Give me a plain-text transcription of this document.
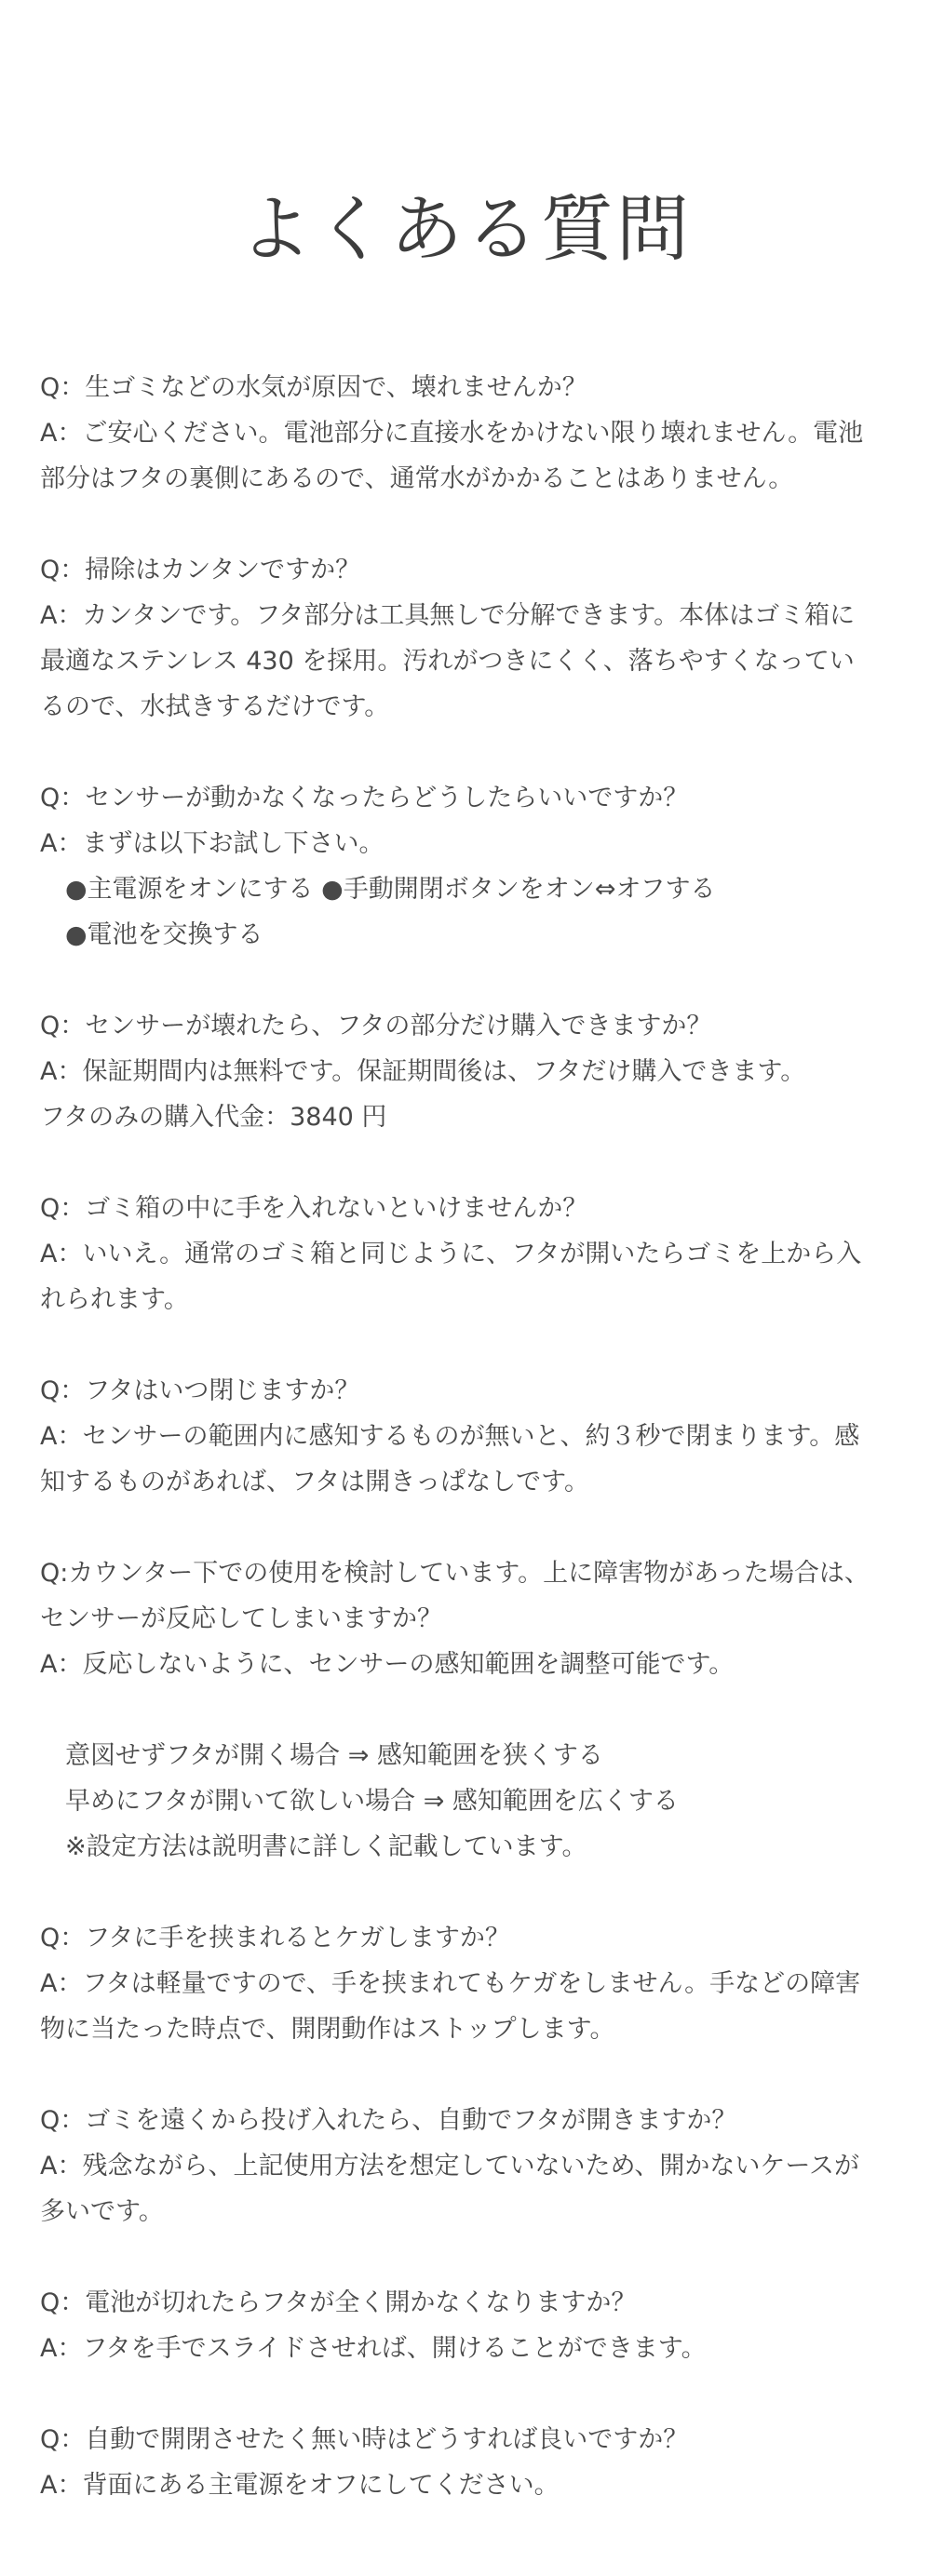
よくある質問
Q：生ゴミなどの水気が原因で、壊れませんか？
A：ご安心ください。電池部分に直接水をかけない限り壊れません。電池
部分はフタの裏側にあるので、通常水がかかることはありません。
Q：掃除はカンタンですか？
A：カンタンです。フタ部分は工具無しで分解できます。本体はゴミ箱に
最適なステンレス 430 を採用。汚れがつきにくく、落ちやすくなってい
るので、水拭きするだけです。
Q：センサーが動かなくなったらどうしたらいいですか？
A：まずは以下お試し下さい。
●主電源をオンにする ●手動開閉ボタンをオン⇔オフする
●電池を交換する
Q：センサーが壊れたら、フタの部分だけ購入できますか？
A：保証期間内は無料です。保証期間後は、フタだけ購入できます。
フタのみの購入代金：3840 円
Q：ゴミ箱の中に手を入れないといけませんか？
A：いいえ。通常のゴミ箱と同じように、フタが開いたらゴミを上から入
れられます。
Q：フタはいつ閉じますか？
A：センサーの範囲内に感知するものが無いと、約３秒で閉まります。感
知するものがあれば、フタは開きっぱなしです。
Q:カウンター下での使用を検討しています。上に障害物があった場合は、
センサーが反応してしまいますか？
A：反応しないように、センサーの感知範囲を調整可能です。
意図せずフタが開く場合 ⇒ 感知範囲を狭くする
早めにフタが開いて欲しい場合 ⇒ 感知範囲を広くする
※設定方法は説明書に詳しく記載しています。
Q：フタに手を挟まれるとケガしますか？
A：フタは軽量ですので、手を挟まれてもケガをしません。手などの障害
物に当たった時点で、開閉動作はストップします。
Q：ゴミを遠くから投げ入れたら、自動でフタが開きますか？
A：残念ながら、上記使用方法を想定していないため、開かないケースが
多いです。
Q：電池が切れたらフタが全く開かなくなりますか？
A：フタを手でスライドさせれば、開けることができます。
Q：自動で開閉させたく無い時はどうすれば良いですか？
A：背面にある主電源をオフにしてください。
